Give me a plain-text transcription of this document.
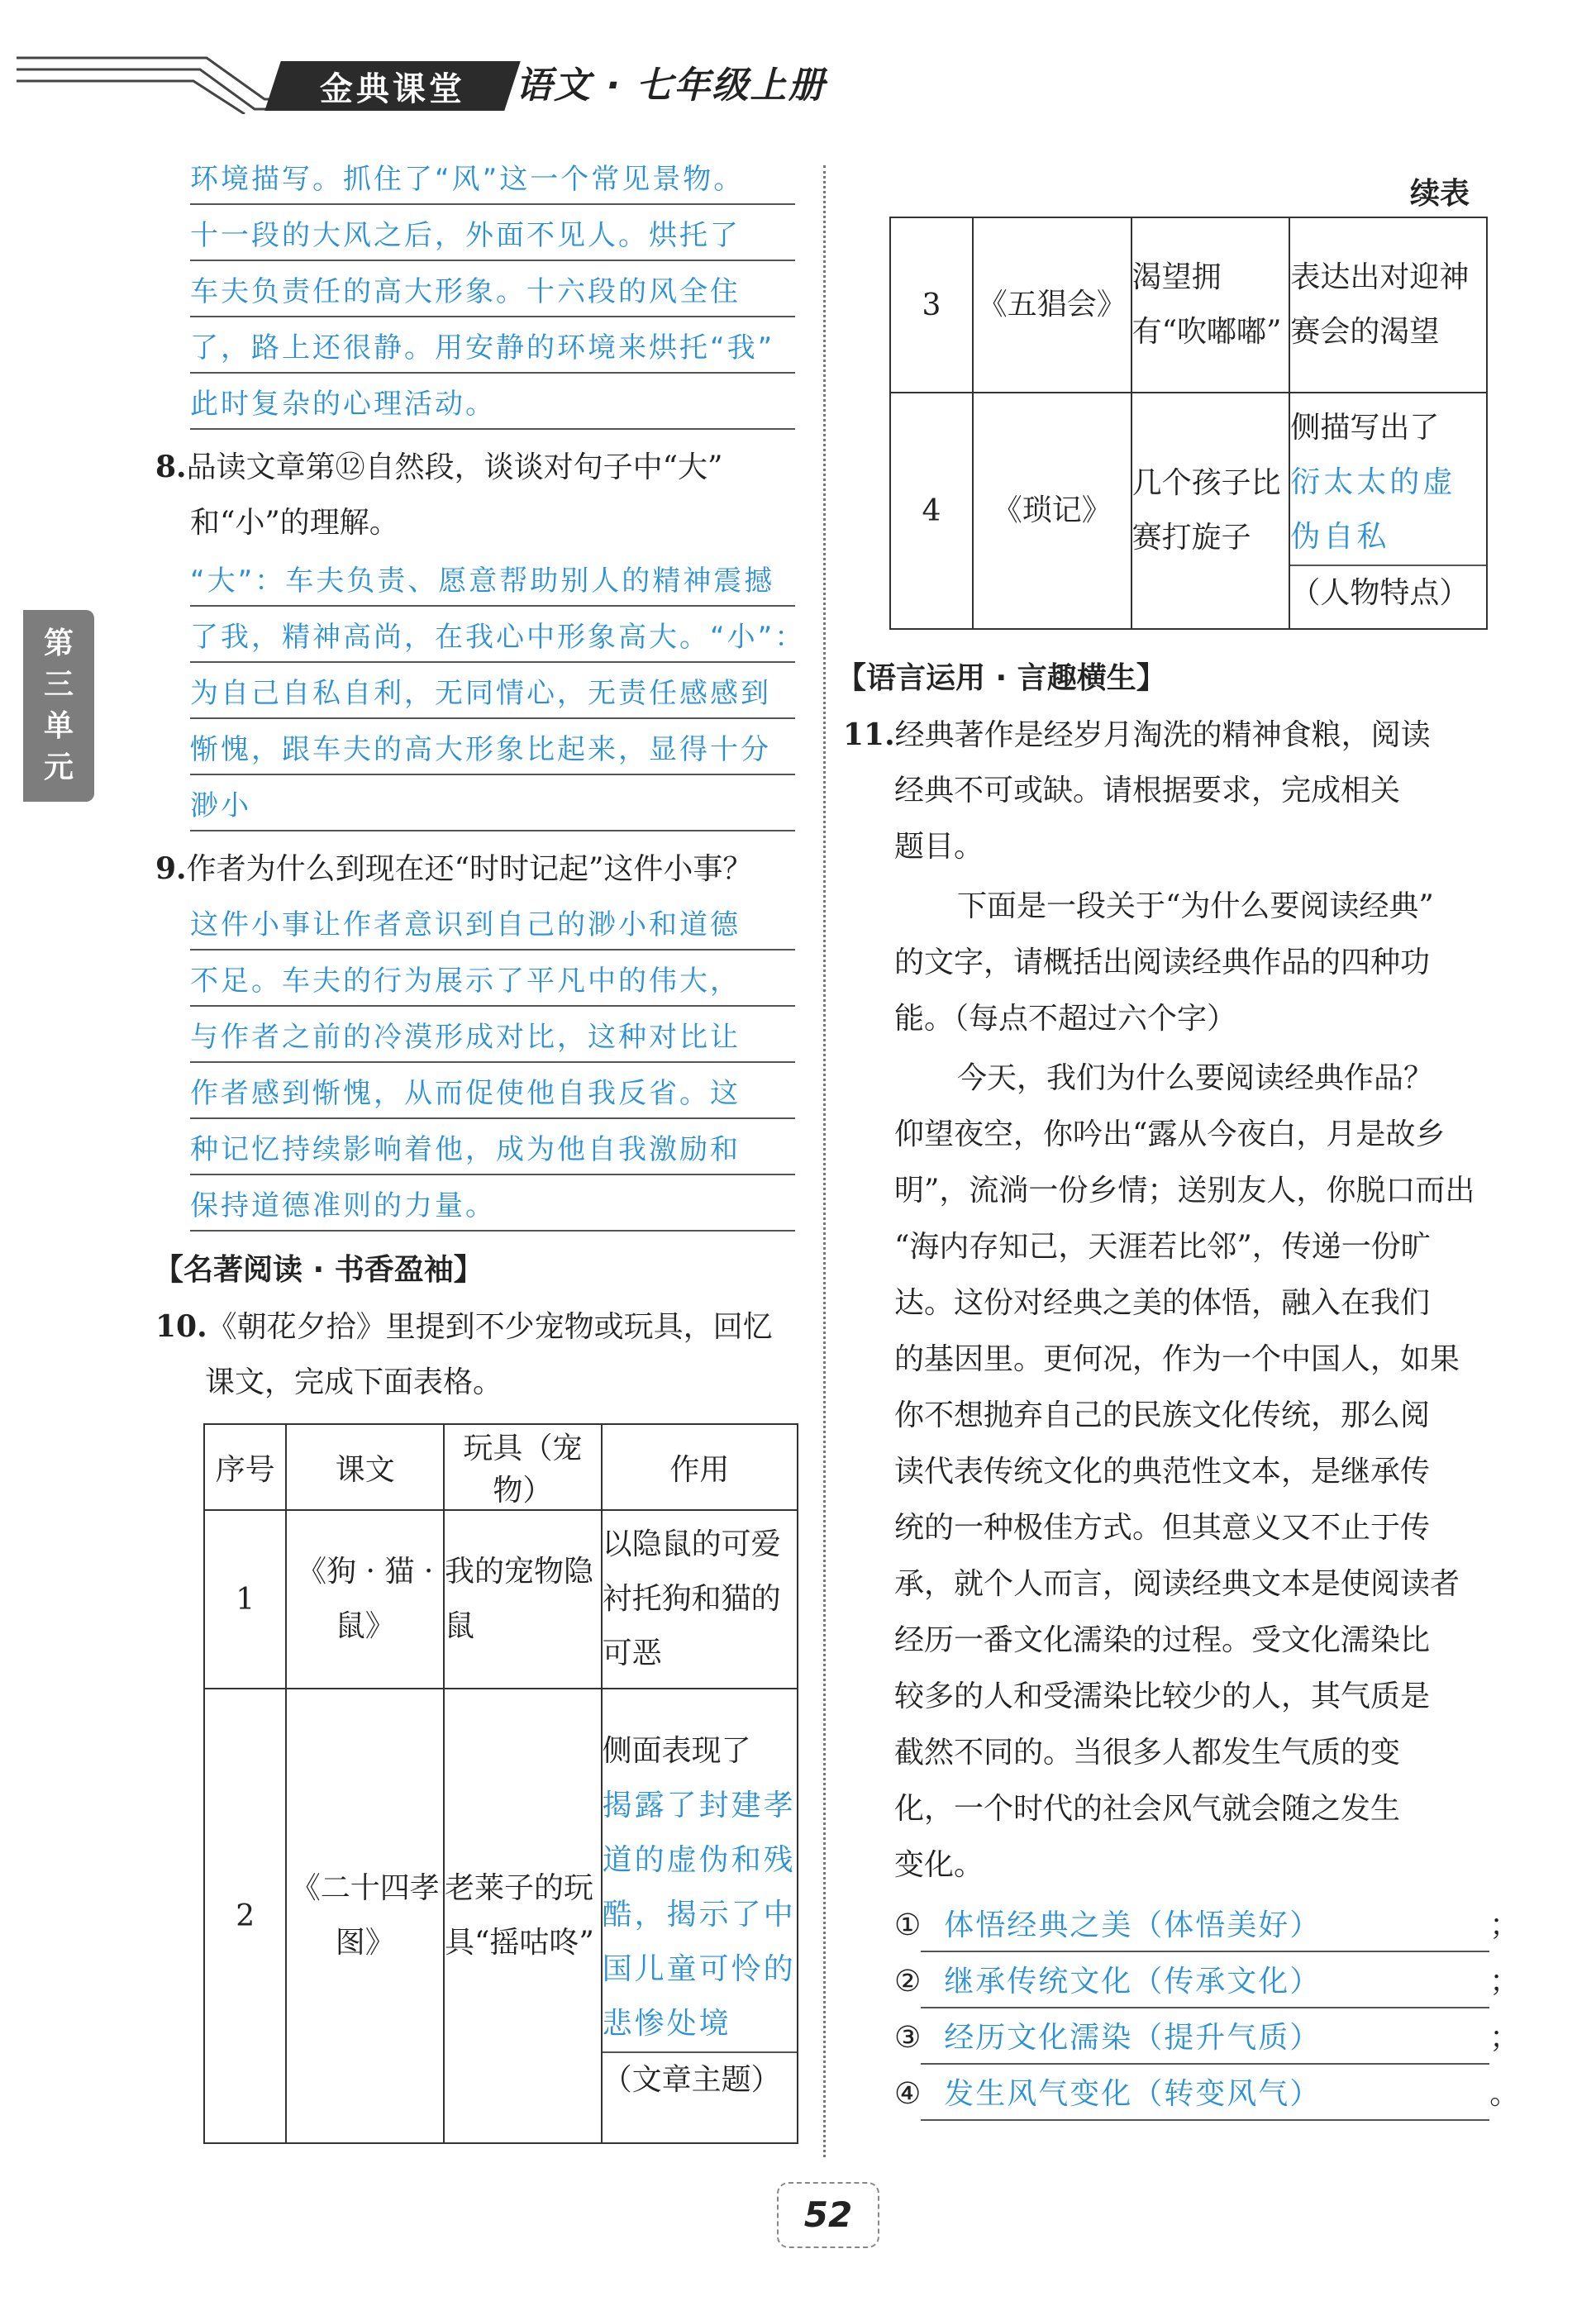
金典课堂 语文 · 七年级上册
第
三
单
元
环境描写。抓住了“风”这一个常见景物。
十一段的大风之后，外面不见人。烘托了
车夫负责任的高大形象。十六段的风全住
了，路上还很静。用安静的环境来烘托“我”
此时复杂的心理活动。
8.品读文章第⑫自然段，谈谈对句子中“大”
和“小”的理解。
“大”：车夫负责、愿意帮助别人的精神震撼
了我，精神高尚，在我心中形象高大。“小”：
为自己自私自利，无同情心，无责任感感到
惭愧，跟车夫的高大形象比起来，显得十分
渺小
9.作者为什么到现在还“时时记起”这件小事？
这件小事让作者意识到自己的渺小和道德
不足。车夫的行为展示了平凡中的伟大，
与作者之前的冷漠形成对比，这种对比让
作者感到惭愧，从而促使他自我反省。这
种记忆持续影响着他，成为他自我激励和
保持道德准则的力量。
【名著阅读 · 书香盈袖】
10.《朝花夕拾》里提到不少宠物或玩具，回忆
课文，完成下面表格。
序号	课文	玩具（宠物）	作用
1	《狗 · 猫 · 鼠》	我的宠物隐鼠	以隐鼠的可爱衬托狗和猫的可恶
2	《二十四孝图》	老莱子的玩具“摇咕咚”	侧面表现了 揭露了封建孝道的虚伪和残酷，揭示了中国儿童可怜的悲惨处境（文章主题）
续表
3	《五猖会》	渴望拥有“吹嘟嘟”	表达出对迎神赛会的渴望
4	《琐记》	几个孩子比赛打旋子	侧描写出了 衍太太的虚伪自私（人物特点）
【语言运用 · 言趣横生】
11.经典著作是经岁月淘洗的精神食粮，阅读
经典不可或缺。请根据要求，完成相关
题目。
下面是一段关于“为什么要阅读经典”
的文字，请概括出阅读经典作品的四种功
能。（每点不超过六个字）
今天，我们为什么要阅读经典作品？
仰望夜空，你吟出“露从今夜白，月是故乡
明”，流淌一份乡情；送别友人，你脱口而出
“海内存知己，天涯若比邻”，传递一份旷
达。这份对经典之美的体悟，融入在我们
的基因里。更何况，作为一个中国人，如果
你不想抛弃自己的民族文化传统，那么阅
读代表传统文化的典范性文本，是继承传
统的一种极佳方式。但其意义又不止于传
承，就个人而言，阅读经典文本是使阅读者
经历一番文化濡染的过程。受文化濡染比
较多的人和受濡染比较少的人，其气质是
截然不同的。当很多人都发生气质的变
化，一个时代的社会风气就会随之发生
变化。
① 体悟经典之美（体悟美好）	；
② 继承传统文化（传承文化）	；
③ 经历文化濡染（提升气质）	；
④ 发生风气变化（转变风气）	。
52
